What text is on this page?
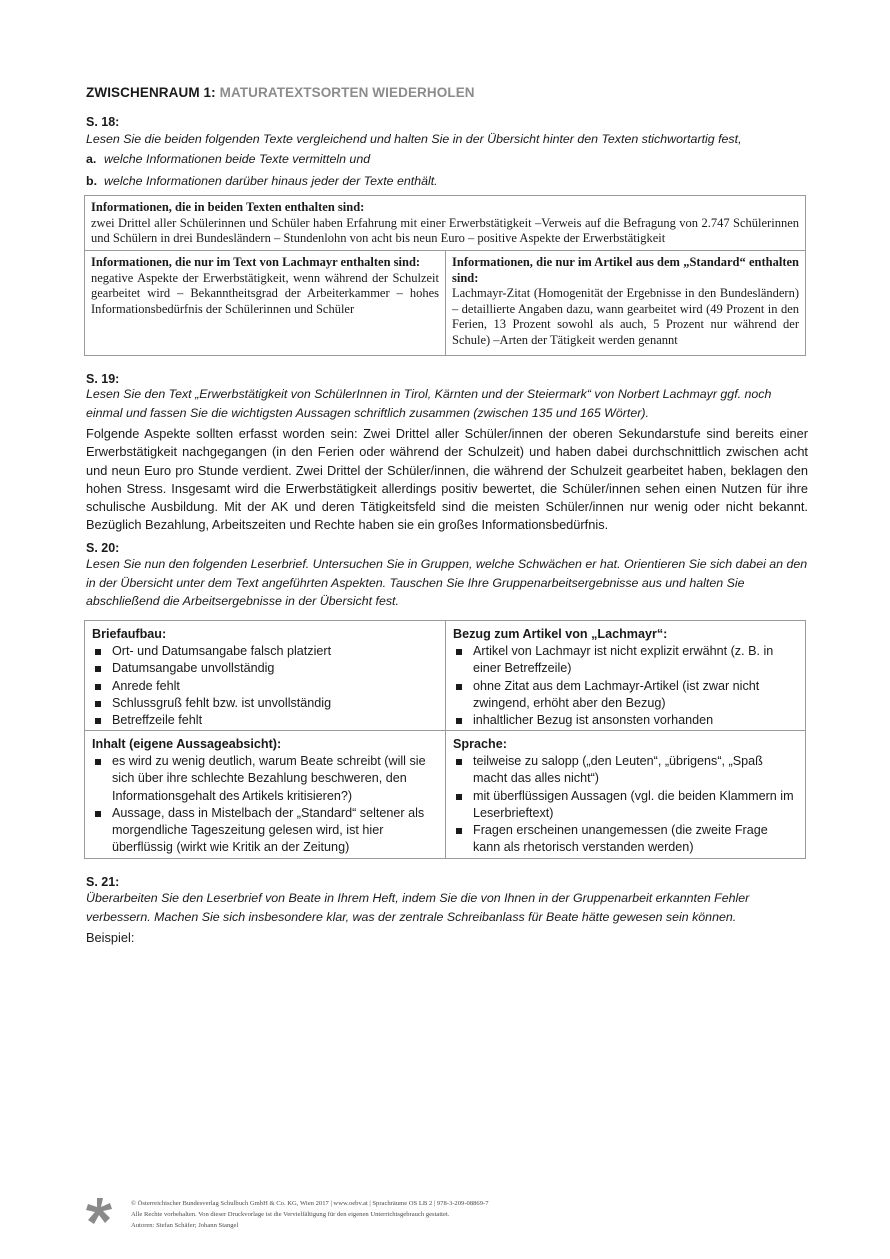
ZWISCHENRAUM 1: MATURATEXTSORTEN WIEDERHOLEN
S. 18:
Lesen Sie die beiden folgenden Texte vergleichend und halten Sie in der Übersicht hinter den Texten stichwortartig fest,
a. welche Informationen beide Texte vermitteln und
b. welche Informationen darüber hinaus jeder der Texte enthält.
Informationen, die in beiden Texten enthalten sind:
zwei Drittel aller Schülerinnen und Schüler haben Erfahrung mit einer Erwerbstätigkeit –Verweis auf die Befragung von 2.747 Schülerinnen und Schülern in drei Bundesländern – Stundenlohn von acht bis neun Euro – positive Aspekte der Erwerbstätigkeit
Informationen, die nur im Text von Lachmayr enthalten sind:
negative Aspekte der Erwerbstätigkeit, wenn während der Schulzeit gearbeitet wird – Bekanntheitsgrad der Arbeiterkammer – hohes Informationsbedürfnis der Schülerinnen und Schüler
Informationen, die nur im Artikel aus dem „Standard“ enthalten sind:
Lachmayr-Zitat (Homogenität der Ergebnisse in den Bundesländern) – detaillierte Angaben dazu, wann gearbeitet wird (49 Prozent in den Ferien, 13 Prozent sowohl als auch, 5 Prozent nur während der Schule) –Arten der Tätigkeit werden genannt
S. 19:
Lesen Sie den Text „Erwerbstätigkeit von SchülerInnen in Tirol, Kärnten und der Steiermark“ von Norbert Lachmayr ggf. noch einmal und fassen Sie die wichtigsten Aussagen schriftlich zusammen (zwischen 135 und 165 Wörter).
Folgende Aspekte sollten erfasst worden sein: Zwei Drittel aller Schüler/innen der oberen Sekundarstufe sind bereits einer Erwerbstätigkeit nachgegangen (in den Ferien oder während der Schulzeit) und haben dabei durchschnittlich zwischen acht und neun Euro pro Stunde verdient. Zwei Drittel der Schüler/innen, die während der Schulzeit gearbeitet haben, beklagen den hohen Stress. Insgesamt wird die Erwerbstätigkeit allerdings positiv bewertet, die Schüler/innen sehen einen Nutzen für ihre schulische Ausbildung. Mit der AK und deren Tätigkeitsfeld sind die meisten Schüler/innen nur wenig oder nicht bekannt. Bezüglich Bezahlung, Arbeitszeiten und Rechte haben sie ein großes Informationsbedürfnis.
S. 20:
Lesen Sie nun den folgenden Leserbrief. Untersuchen Sie in Gruppen, welche Schwächen er hat. Orientieren Sie sich dabei an den in der Übersicht unter dem Text angeführten Aspekten. Tauschen Sie Ihre Gruppenarbeitsergebnisse aus und halten Sie abschließend die Arbeitsergebnisse in der Übersicht fest.
Briefaufbau:
Ort- und Datumsangabe falsch platziert
Datumsangabe unvollständig
Anrede fehlt
Schlussgruß fehlt bzw. ist unvollständig
Betreffzeile fehlt
Bezug zum Artikel von „Lachmayr“:
Artikel von Lachmayr ist nicht explizit erwähnt (z. B. in einer Betreffzeile)
ohne Zitat aus dem Lachmayr-Artikel (ist zwar nicht zwingend, erhöht aber den Bezug)
inhaltlicher Bezug ist ansonsten vorhanden
Inhalt (eigene Aussageabsicht):
es wird zu wenig deutlich, warum Beate schreibt (will sie sich über ihre schlechte Bezahlung beschweren, den Informationsgehalt des Artikels kritisieren?)
Aussage, dass in Mistelbach der „Standard“ seltener als morgendliche Tageszeitung gelesen wird, ist hier überflüssig (wirkt wie Kritik an der Zeitung)
Sprache:
teilweise zu salopp („den Leuten“, „übrigens“, „Spaß macht das alles nicht“)
mit überflüssigen Aussagen (vgl. die beiden Klammern im Leserbrieftext)
Fragen erscheinen unangemessen (die zweite Frage kann als rhetorisch verstanden werden)
S. 21:
Überarbeiten Sie den Leserbrief von Beate in Ihrem Heft, indem Sie die von Ihnen in der Gruppenarbeit erkannten Fehler verbessern. Machen Sie sich insbesondere klar, was der zentrale Schreibanlass für Beate hätte gewesen sein können.
Beispiel:
© Österreichischer Bundesverlag Schulbuch GmbH & Co. KG, Wien 2017 | www.oebv.at | Sprachräume OS LB 2 | 978-3-209-08869-7
Alle Rechte vorbehalten. Von dieser Druckvorlage ist die Vervielfältigung für den eigenen Unterrichtsgebrauch gestattet.
Autoren: Stefan Schäfer; Johann Stangel
